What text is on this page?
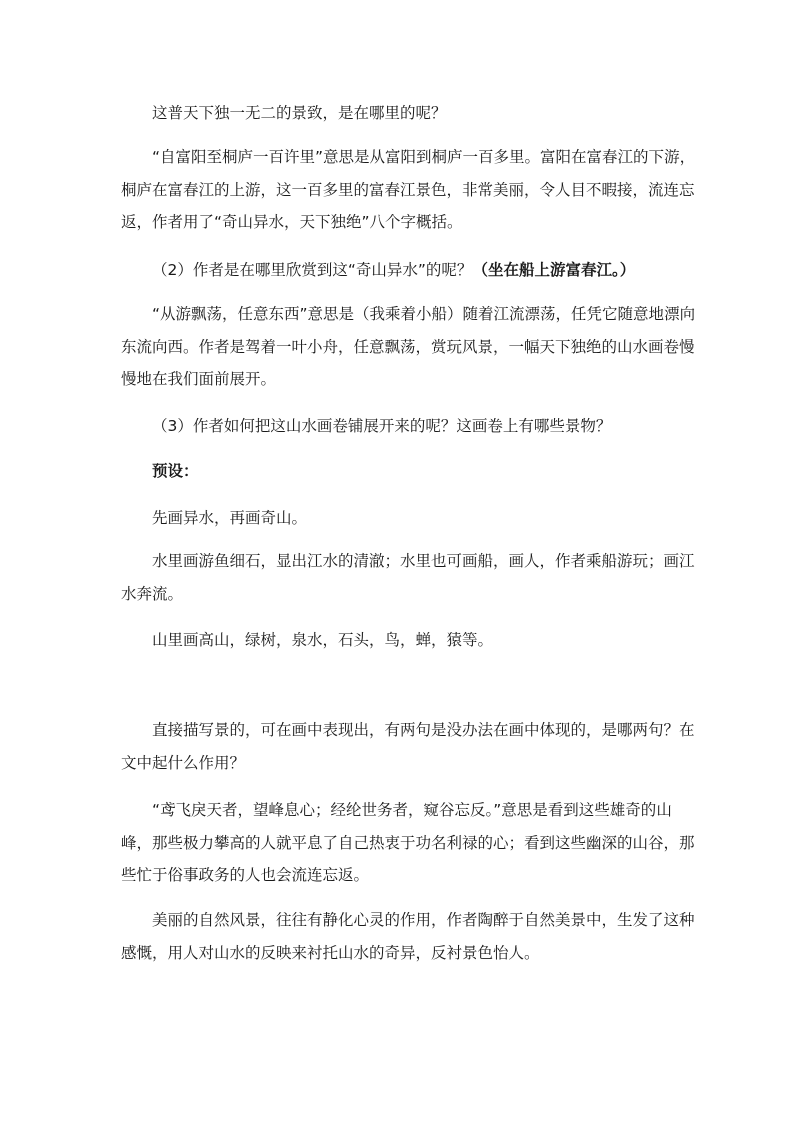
这普天下独一无二的景致，是在哪里的呢？

“自富阳至桐庐一百许里”意思是从富阳到桐庐一百多里。富阳在富春江的下游，桐庐在富春江的上游，这一百多里的富春江景色，非常美丽，令人目不暇接，流连忘返，作者用了“奇山异水，天下独绝”八个字概括。

（2）作者是在哪里欣赏到这“奇山异水”的呢？（坐在船上游富春江。）

“从游飘荡，任意东西”意思是（我乘着小船）随着江流漂荡，任凭它随意地漂向东流向西。作者是驾着一叶小舟，任意飘荡，赏玩风景，一幅天下独绝的山水画卷慢慢地在我们面前展开。

（3）作者如何把这山水画卷铺展开来的呢？这画卷上有哪些景物？

预设：

先画异水，再画奇山。

水里画游鱼细石，显出江水的清澈；水里也可画船，画人，作者乘船游玩；画江水奔流。

山里画高山，绿树，泉水，石头，鸟，蝉，猿等。

直接描写景的，可在画中表现出，有两句是没办法在画中体现的，是哪两句？在文中起什么作用？

“鸢飞戾天者，望峰息心；经纶世务者，窥谷忘反。”意思是看到这些雄奇的山峰，那些极力攀高的人就平息了自己热衷于功名利禄的心；看到这些幽深的山谷，那些忙于俗事政务的人也会流连忘返。

美丽的自然风景，往往有静化心灵的作用，作者陶醉于自然美景中，生发了这种感慨，用人对山水的反映来衬托山水的奇异，反衬景色怡人。
